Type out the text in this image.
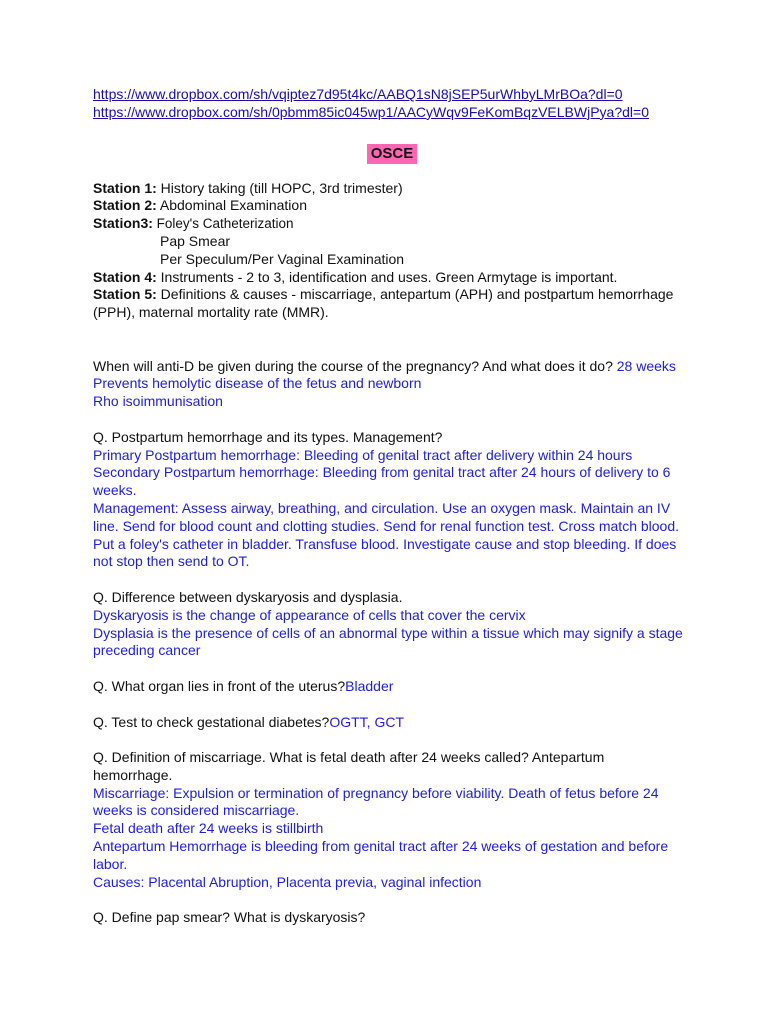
https://www.dropbox.com/sh/vqiptez7d95t4kc/AABQ1sN8jSEP5urWhbyLMrBOa?dl=0
https://www.dropbox.com/sh/0pbmm85ic045wp1/AACyWqv9FeKomBqzVELBWjPya?dl=0
OSCE

Station 1: History taking (till HOPC, 3rd trimester)

Station 2: Abdominal Examination

Station3: Foley's Catheterization

Pap Smear

Per Speculum/Per Vaginal Examination

Station 4: Instruments - 2 to 3, identification and uses. Green Armytage is important.

Station 5: Definitions & causes - miscarriage, antepartum (APH) and postpartum hemorrhage (PPH), maternal mortality rate (MMR).

When will anti-D be given during the course of the pregnancy? And what does it do? 28 weeks Prevents hemolytic disease of the fetus and newborn

Rho isoimmunisation

Q. Postpartum hemorrhage and its types. Management?

Primary Postpartum hemorrhage: Bleeding of genital tract after delivery within 24 hours

Secondary Postpartum hemorrhage: Bleeding from genital tract after 24 hours of delivery to 6 weeks.

Management: Assess airway, breathing, and circulation. Use an oxygen mask. Maintain an IV line. Send for blood count and clotting studies. Send for renal function test. Cross match blood. Put a foley's catheter in bladder. Transfuse blood. Investigate cause and stop bleeding. If does not stop then send to OT.

Q. Difference between dyskaryosis and dysplasia.

Dyskaryosis is the change of appearance of cells that cover the cervix

Dysplasia is the presence of cells of an abnormal type within a tissue which may signify a stage preceding cancer

Q. What organ lies in front of the uterus?Bladder

Q. Test to check gestational diabetes?OGTT, GCT

Q. Definition of miscarriage. What is fetal death after 24 weeks called? Antepartum hemorrhage.

Miscarriage: Expulsion or termination of pregnancy before viability. Death of fetus before 24 weeks is considered miscarriage.

Fetal death after 24 weeks is stillbirth

Antepartum Hemorrhage is bleeding from genital tract after 24 weeks of gestation and before labor.

Causes: Placental Abruption, Placenta previa, vaginal infection

Q. Define pap smear? What is dyskaryosis?
